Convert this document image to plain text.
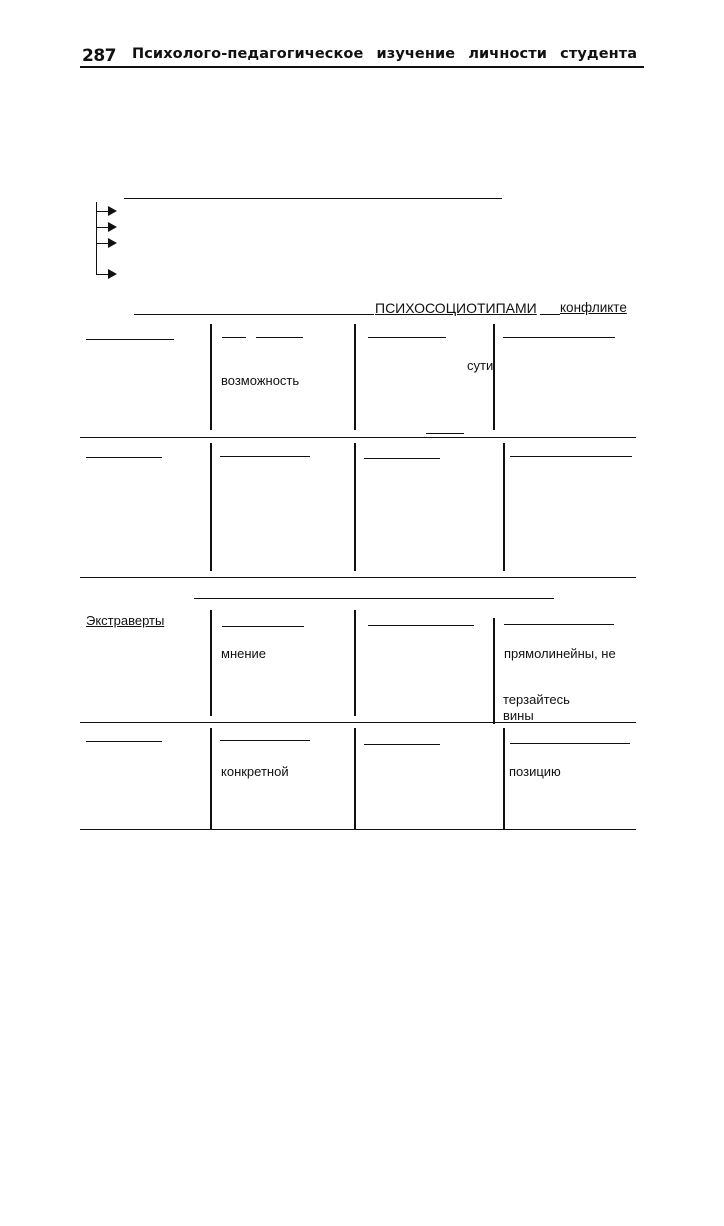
287 Психолого-педагогическое изучение личности студента
ПСИХОСОЦИОТИПАМИ конфликте
возможность
сути
Экстраверты
мнение	прямолинейны, не
терзайтесь
вины
конкретной	позицию
